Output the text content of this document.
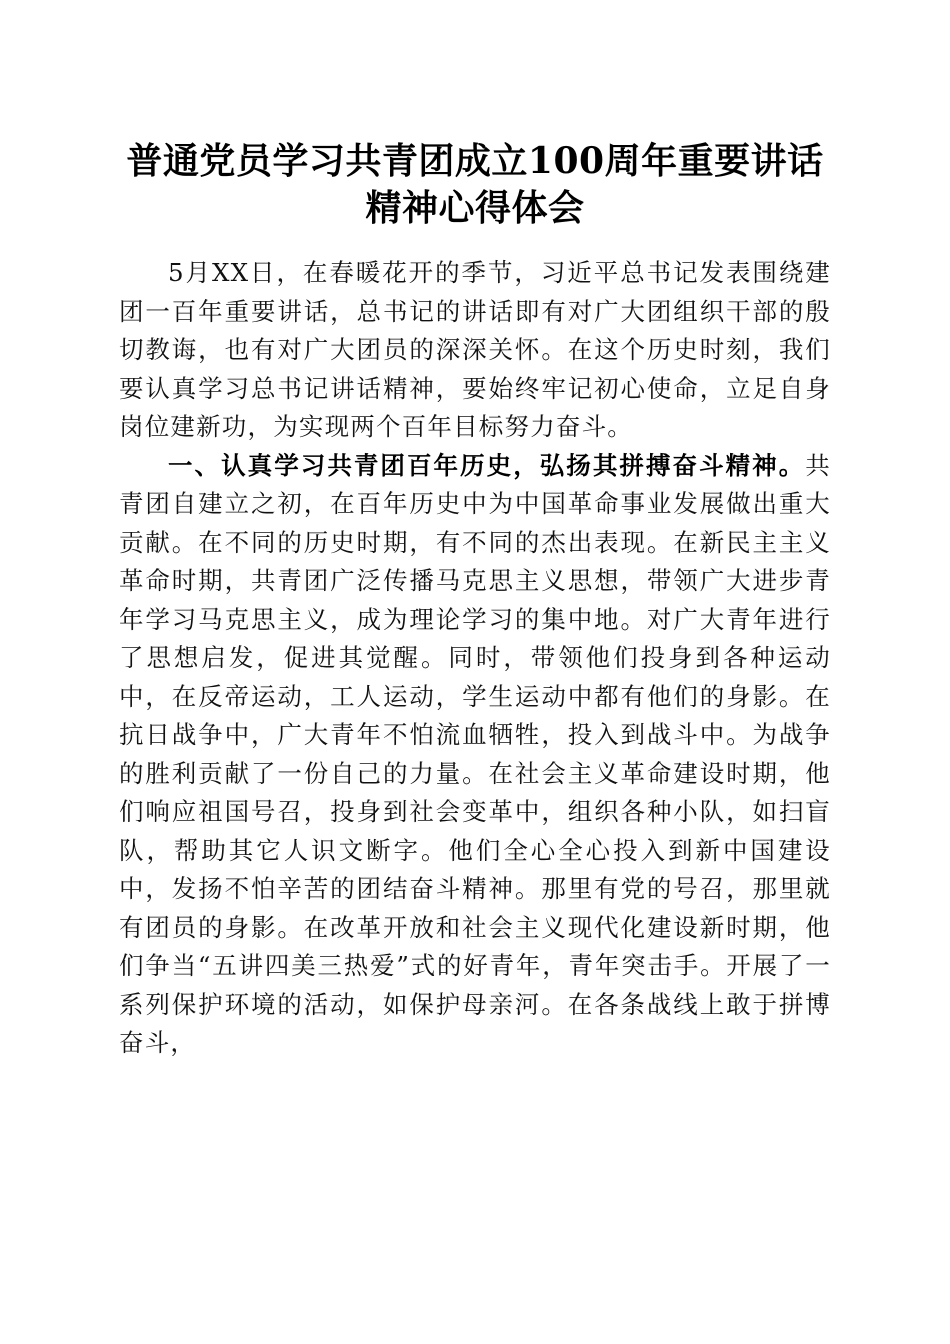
普通党员学习共青团成立100周年重要讲话精神心得体会

5月XX日，在春暖花开的季节，习近平总书记发表围绕建团一百年重要讲话，总书记的讲话即有对广大团组织干部的殷切教诲，也有对广大团员的深深关怀。在这个历史时刻，我们要认真学习总书记讲话精神，要始终牢记初心使命，立足自身岗位建新功，为实现两个百年目标努力奋斗。

一、认真学习共青团百年历史，弘扬其拼搏奋斗精神。共青团自建立之初，在百年历史中为中国革命事业发展做出重大贡献。在不同的历史时期，有不同的杰出表现。在新民主主义革命时期，共青团广泛传播马克思主义思想，带领广大进步青年学习马克思主义，成为理论学习的集中地。对广大青年进行了思想启发，促进其觉醒。同时，带领他们投身到各种运动中，在反帝运动，工人运动，学生运动中都有他们的身影。在抗日战争中，广大青年不怕流血牺牲，投入到战斗中。为战争的胜利贡献了一份自己的力量。在社会主义革命建设时期，他们响应祖国号召，投身到社会变革中，组织各种小队，如扫盲队，帮助其它人识文断字。他们全心全心投入到新中国建设中，发扬不怕辛苦的团结奋斗精神。那里有党的号召，那里就有团员的身影。在改革开放和社会主义现代化建设新时期，他们争当“五讲四美三热爱”式的好青年，青年突击手。开展了一系列保护环境的活动，如保护母亲河。在各条战线上敢于拼博奋斗，
